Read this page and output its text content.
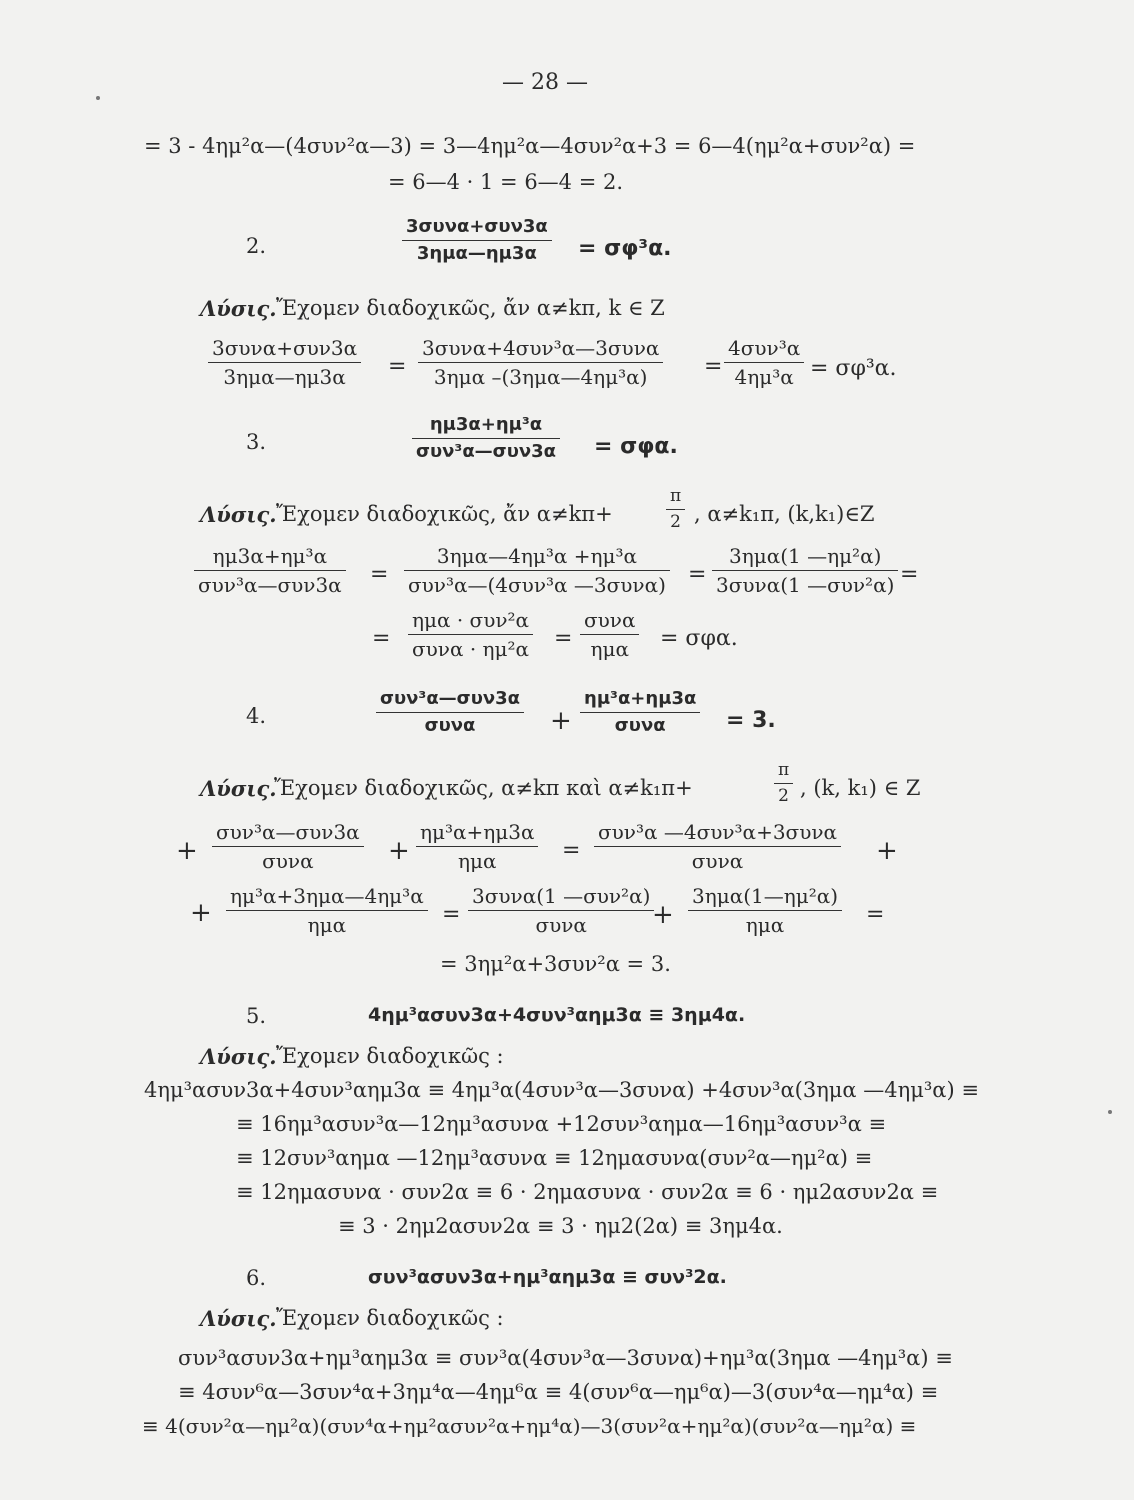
— 28 —
= 3 - 4ημ²α—(4συν²α—3) = 3—4ημ²α—4συν²α+3 = 6—4(ημ²α+συν²α) =
= 6—4 · 1 = 6—4 = 2.
2.
3συνα+συν3α
3ημα—ημ3α = σφ³α.
Λύσις. Ἔχομεν διαδοχικῶς, ἄν α≠kπ, k ∈ Z
3συνα+συν3α
3ημα—ημ3α =
3συνα+4συν³α—3συνα
3ημα –(3ημα—4ημ³α)	=
4συν³α
4ημ³α = σφ³α.
3.
ημ3α+ημ³α
συν³α—συν3α = σφα.
Λύσις. Ἔχομεν διαδοχικῶς, ἄν α≠kπ+
π
2 , α≠k₁π, (k,k₁)∈Z
ημ3α+ημ³α
συν³α—συν3α =
3ημα—4ημ³α +ημ³α
συν³α—(4συν³α —3συνα) =
3ημα(1 —ημ²α)
3συνα(1 —συν²α) =
=
ημα · συν²α
συνα · ημ²α =
συνα
ημα = σφα.
4.
συν³α—συν3α
συνα	+
ημ³α+ημ3α
συνα	= 3.
Λύσις.
Ἔχομεν διαδοχικῶς, α≠kπ καὶ α≠k₁π+
π
2 , (k, k₁) ∈ Z
+
συν³α—συν3α
συνα	+
ημ³α+ημ3α
ημα	=
συν³α —4συν³α+3συνα
συνα	+
+
ημ³α+3ημα—4ημ³α
ημα	=
3συνα(1 —συν²α)
συνα	+
3ημα(1—ημ²α)
ημα	=
= 3ημ²α+3συν²α = 3.
5.	4ημ³ασυν3α+4συν³αημ3α ≡ 3ημ4α.
Λύσις. Ἔχομεν διαδοχικῶς :
4ημ³ασυν3α+4συν³αημ3α ≡ 4ημ³α(4συν³α—3συνα) +4συν³α(3ημα —4ημ³α) ≡
≡ 16ημ³ασυν³α—12ημ³ασυνα +12συν³αημα—16ημ³ασυν³α ≡
≡ 12συν³αημα —12ημ³ασυνα ≡ 12ημασυνα(συν²α—ημ²α) ≡
≡ 12ημασυνα · συν2α ≡ 6 · 2ημασυνα · συν2α ≡ 6 · ημ2ασυν2α ≡
≡ 3 · 2ημ2ασυν2α ≡ 3 · ημ2(2α) ≡ 3ημ4α.
6.	συν³ασυν3α+ημ³αημ3α ≡ συν³2α.
Λύσις. Ἔχομεν διαδοχικῶς :
συν³ασυν3α+ημ³αημ3α ≡ συν³α(4συν³α—3συνα)+ημ³α(3ημα —4ημ³α) ≡
≡ 4συν⁶α—3συν⁴α+3ημ⁴α—4ημ⁶α ≡ 4(συν⁶α—ημ⁶α)—3(συν⁴α—ημ⁴α) ≡
≡ 4(συν²α—ημ²α)(συν⁴α+ημ²ασυν²α+ημ⁴α)—3(συν²α+ημ²α)(συν²α—ημ²α) ≡
